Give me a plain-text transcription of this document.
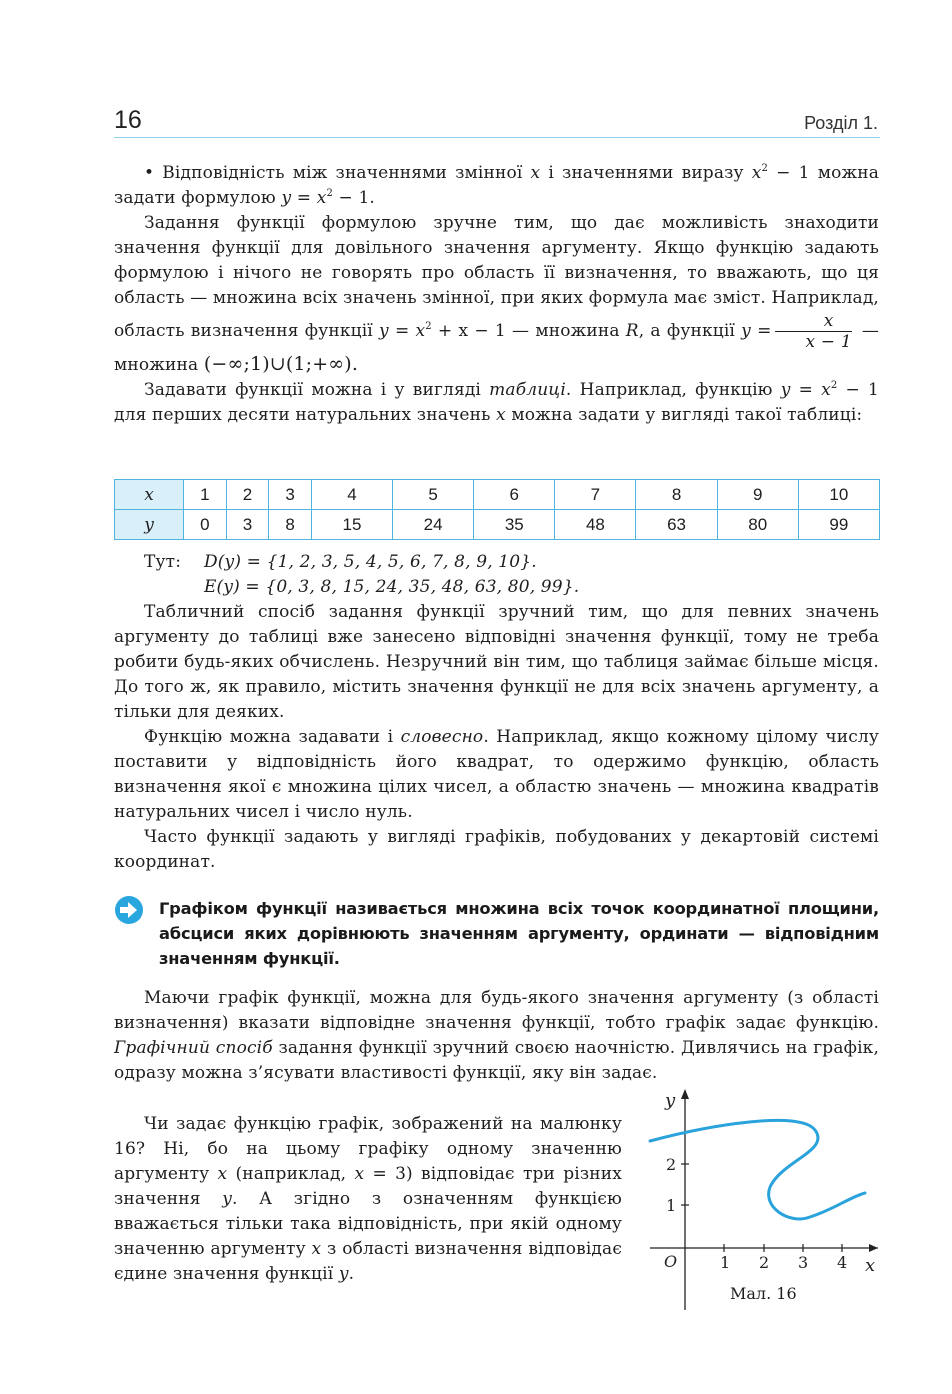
16	Розділ 1.

• Відповідність між значеннями змінної x і значеннями виразу $x^2 - 1$ можна задати формулою $y = x^2 - 1$.

Задання функції формулою зручне тим, що дає можливість знаходити значення функції для довільного значення аргументу. Якщо функцію задають формулою і нічого не говорять про область її визначення, то вважають, що ця область — множина всіх значень змінної, при яких формула має зміст. Наприклад, область визначення функції $y = x^2 + x - 1$ — множина R, а функції $y = \frac{x}{x - 1}$ — множина (−∞;1)∪(1;+∞).

Задавати функції можна і у вигляді таблиці. Наприклад, функцію $y = x^2 - 1$ для перших десяти натуральних значень x можна задати у вигляді такої таблиці:

x	1	2	3	4	5	6	7	8	9	10
y	0	3	8	15	24	35	48	63	80	99
Тут: D(y) = {1, 2, 3, 5, 4, 5, 6, 7, 8, 9, 10}.
E(y) = {0, 3, 8, 15, 24, 35, 48, 63, 80, 99}.

Табличний спосіб задання функції зручний тим, що для певних значень аргументу до таблиці вже занесено відповідні значення функції, тому не треба робити будь-яких обчислень. Незручний він тим, що таблиця займає більше місця. До того ж, як правило, містить значення функції не для всіх значень аргументу, а тільки для деяких.

Функцію можна задавати і словесно. Наприклад, якщо кожному цілому числу поставити у відповідність його квадрат, то одержимо функцію, область визначення якої є множина цілих чисел, а областю значень — множина квадратів натуральних чисел і число нуль.

Часто функції задають у вигляді графіків, побудованих у декартовій системі координат.

Графіком функції називається множина всіх точок координатної площини, абсциси яких дорівнюють значенням аргументу, ординати — відповідним значенням функції.

Маючи графік функції, можна для будь-якого значення аргументу (з області визначення) вказати відповідне значення функції, тобто графік задає функцію. Графічний спосіб задання функції зручний своєю наочністю. Дивлячись на графік, одразу можна з’ясувати властивості функції, яку він задає.

Чи задає функцію графік, зображений на малюнку 16? Ні, бо на цьому графіку одному значенню аргументу x (наприклад, x = 3) відповідає три різних значення y. А згідно з означенням функцією вважається тільки така відповідність, при якій одному значенню аргументу x з області визначення відповідає єдине значення функції y.

1 2 3 4
1
2
O	x
y
Мал. 16
